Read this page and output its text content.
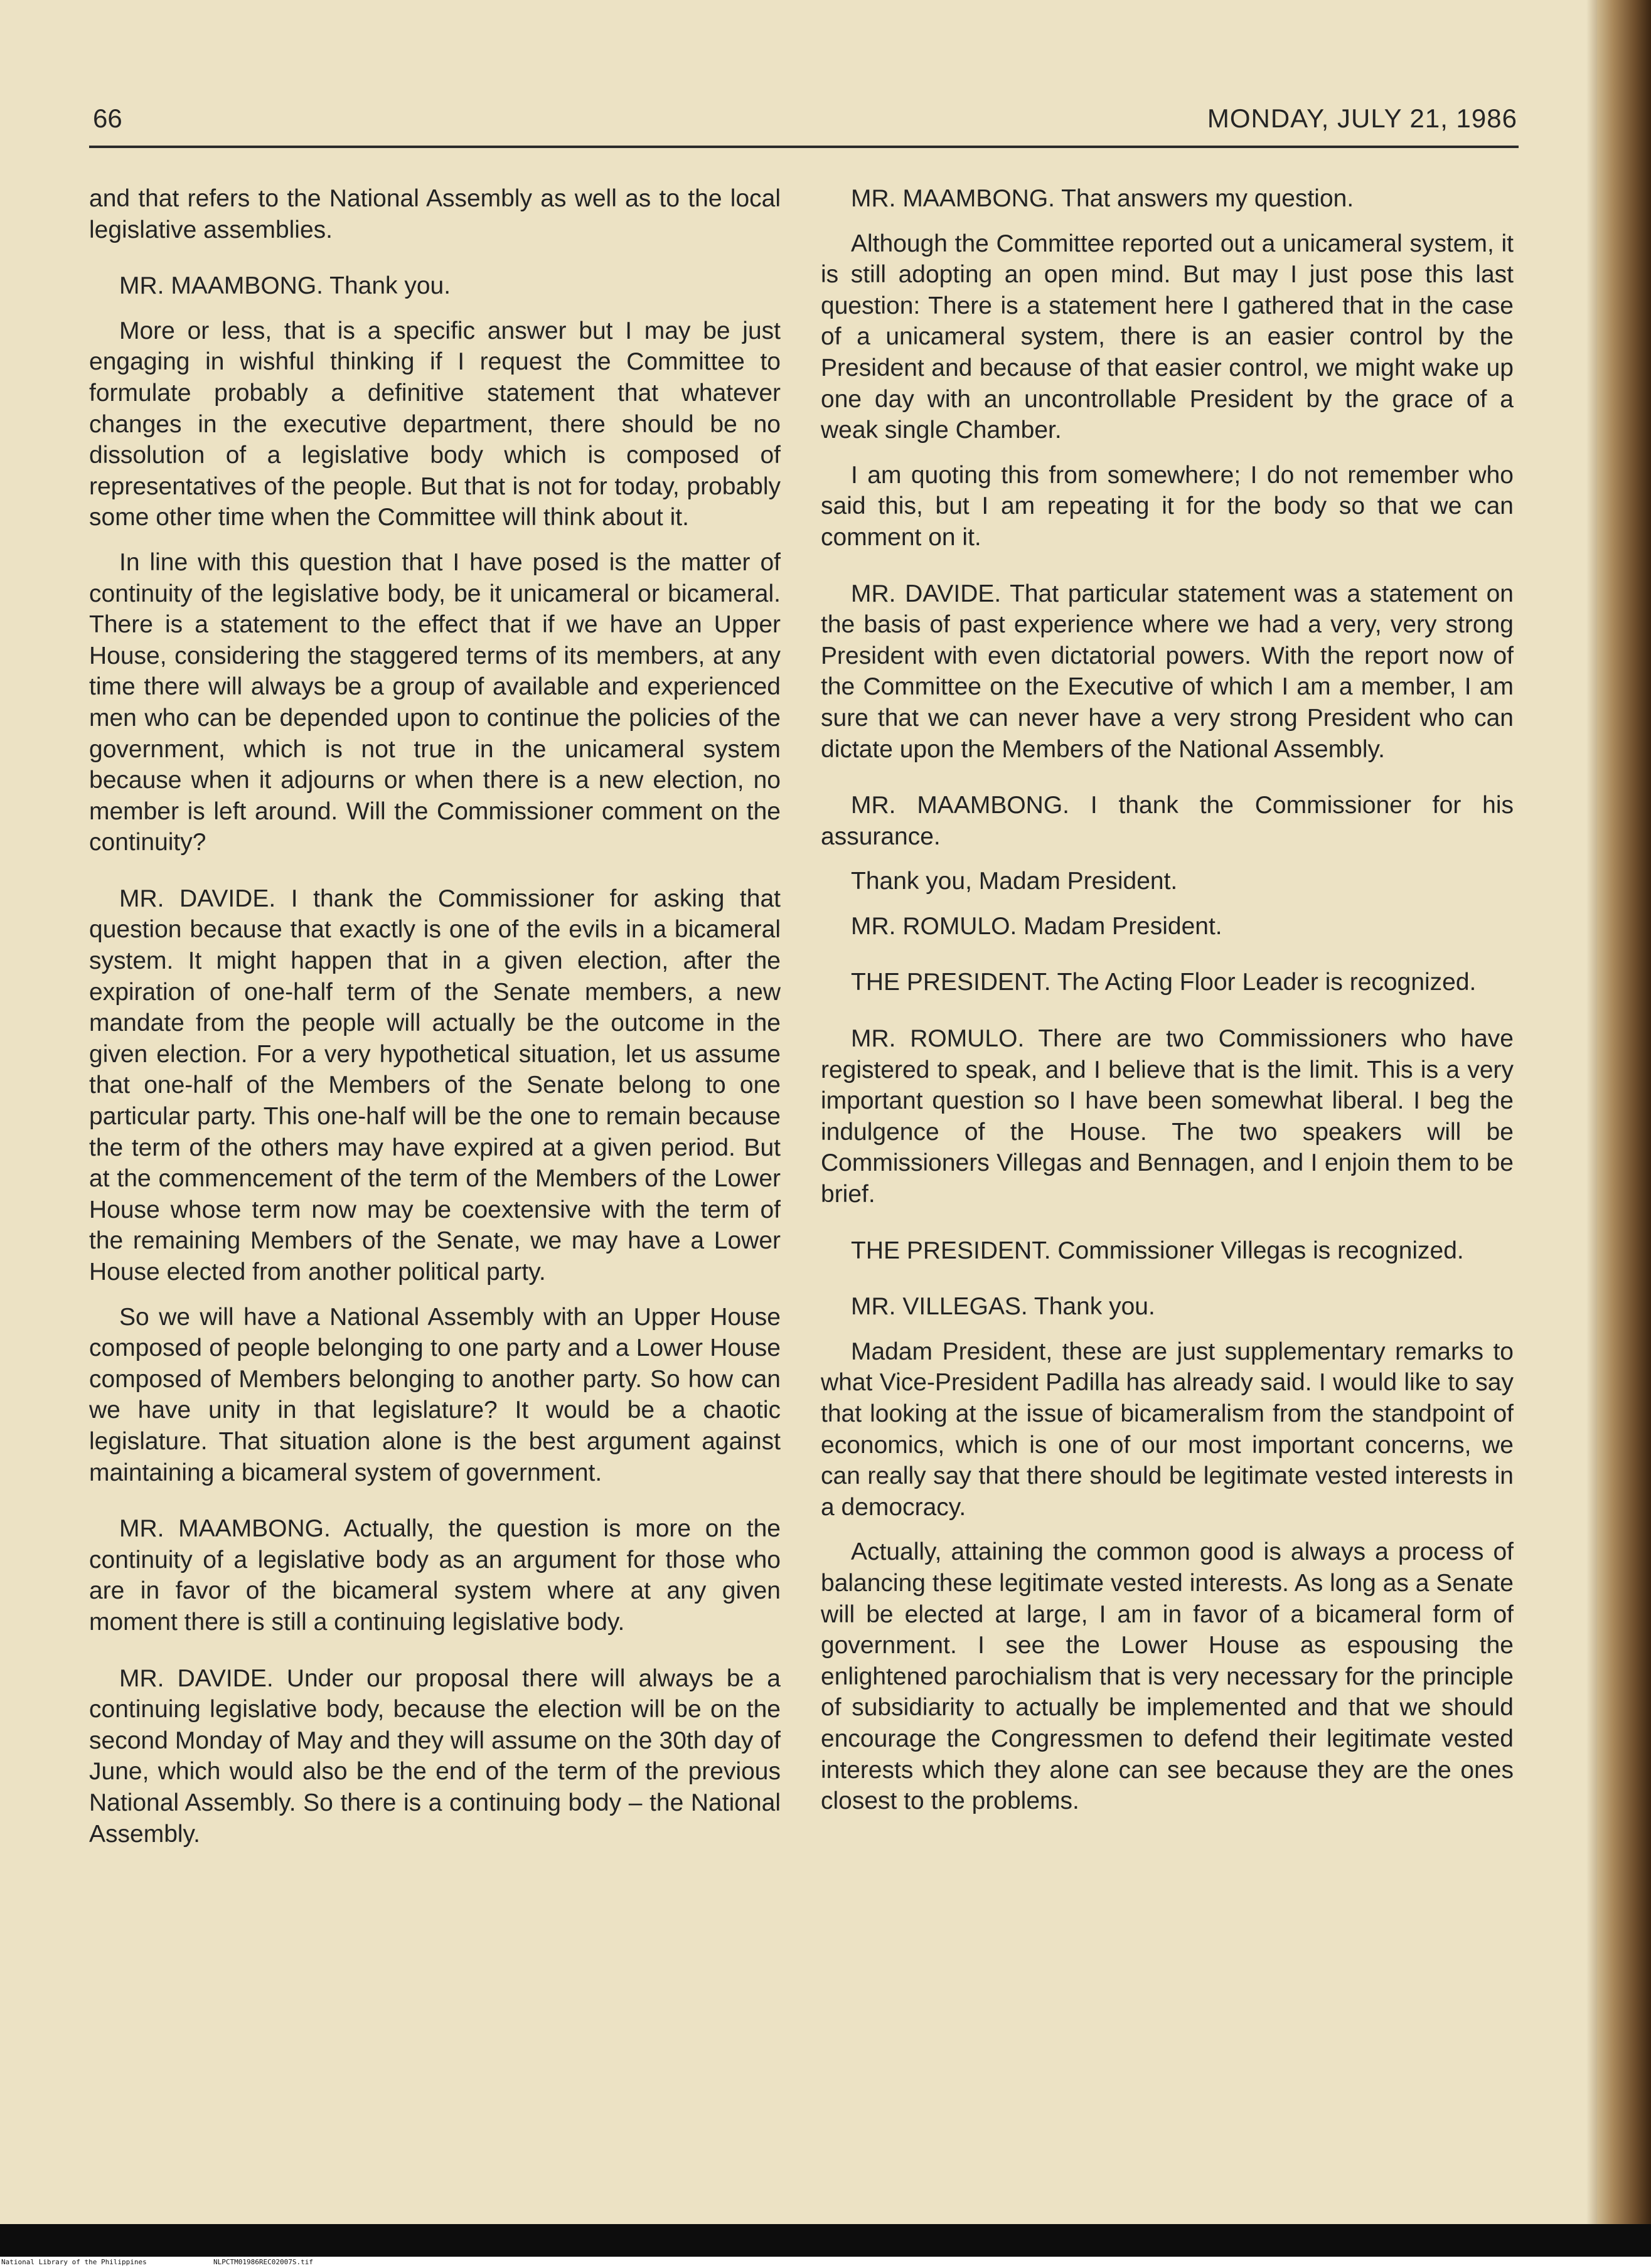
66	MONDAY, JULY 21, 1986

and that refers to the National Assembly as well as to the local legislative assemblies.

MR. MAAMBONG. Thank you.

More or less, that is a specific answer but I may be just engaging in wishful thinking if I request the Committee to formulate probably a definitive statement that whatever changes in the executive department, there should be no dissolution of a legislative body which is composed of representatives of the people. But that is not for today, probably some other time when the Committee will think about it.

In line with this question that I have posed is the matter of continuity of the legislative body, be it unicameral or bicameral. There is a statement to the effect that if we have an Upper House, considering the staggered terms of its members, at any time there will always be a group of available and experienced men who can be depended upon to continue the policies of the government, which is not true in the unicameral system because when it adjourns or when there is a new election, no member is left around. Will the Commissioner comment on the continuity?

MR. DAVIDE. I thank the Commissioner for asking that question because that exactly is one of the evils in a bicameral system. It might happen that in a given election, after the expiration of one-half term of the Senate members, a new mandate from the people will actually be the outcome in the given election. For a very hypothetical situation, let us assume that one-half of the Members of the Senate belong to one particular party. This one-half will be the one to remain because the term of the others may have expired at a given period. But at the commencement of the term of the Members of the Lower House whose term now may be coextensive with the term of the remaining Members of the Senate, we may have a Lower House elected from another political party.

So we will have a National Assembly with an Upper House composed of people belonging to one party and a Lower House composed of Members belonging to another party. So how can we have unity in that legislature? It would be a chaotic legislature. That situation alone is the best argument against maintaining a bicameral system of government.

MR. MAAMBONG. Actually, the question is more on the continuity of a legislative body as an argument for those who are in favor of the bicameral system where at any given moment there is still a continuing legislative body.

MR. DAVIDE. Under our proposal there will always be a continuing legislative body, because the election will be on the second Monday of May and they will assume on the 30th day of June, which would also be the end of the term of the previous National Assembly. So there is a continuing body – the National Assembly.

MR. MAAMBONG. That answers my question.

Although the Committee reported out a unicameral system, it is still adopting an open mind. But may I just pose this last question: There is a statement here I gathered that in the case of a unicameral system, there is an easier control by the President and because of that easier control, we might wake up one day with an uncontrollable President by the grace of a weak single Chamber.

I am quoting this from somewhere; I do not remember who said this, but I am repeating it for the body so that we can comment on it.

MR. DAVIDE. That particular statement was a statement on the basis of past experience where we had a very, very strong President with even dictatorial powers. With the report now of the Committee on the Executive of which I am a member, I am sure that we can never have a very strong President who can dictate upon the Members of the National Assembly.

MR. MAAMBONG. I thank the Commissioner for his assurance.

Thank you, Madam President.

MR. ROMULO. Madam President.

THE PRESIDENT. The Acting Floor Leader is recognized.

MR. ROMULO. There are two Commissioners who have registered to speak, and I believe that is the limit. This is a very important question so I have been somewhat liberal. I beg the indulgence of the House. The two speakers will be Commissioners Villegas and Bennagen, and I enjoin them to be brief.

THE PRESIDENT. Commissioner Villegas is recognized.

MR. VILLEGAS. Thank you.

Madam President, these are just supplementary remarks to what Vice-President Padilla has already said. I would like to say that looking at the issue of bicameralism from the standpoint of economics, which is one of our most important concerns, we can really say that there should be legitimate vested interests in a democracy.

Actually, attaining the common good is always a process of balancing these legitimate vested interests. As long as a Senate will be elected at large, I am in favor of a bicameral form of government. I see the Lower House as espousing the enlightened parochialism that is very necessary for the principle of subsidiarity to actually be implemented and that we should encourage the Congressmen to defend their legitimate vested interests which they alone can see because they are the ones closest to the problems.

National Library of the Philippines	NLPCTM01986REC02007S.tif
